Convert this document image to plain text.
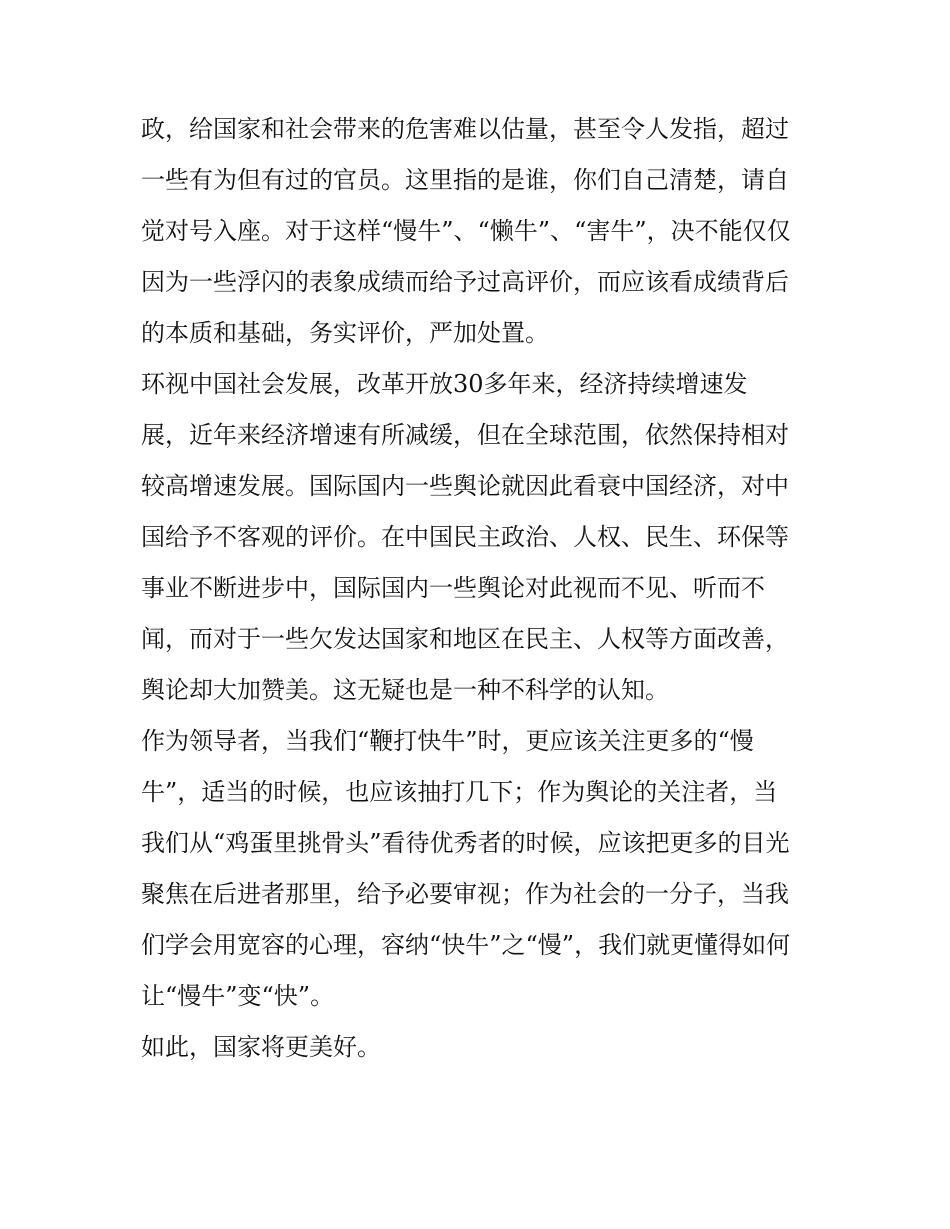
政，给国家和社会带来的危害难以估量，甚至令人发指，超过

一些有为但有过的官员。这里指的是谁，你们自己清楚，请自

觉对号入座。对于这样“慢牛”、“懒牛”、“害牛”，决不能仅仅

因为一些浮闪的表象成绩而给予过高评价，而应该看成绩背后

的本质和基础，务实评价，严加处置。

环视中国社会发展，改革开放30多年来，经济持续增速发

展，近年来经济增速有所减缓，但在全球范围，依然保持相对

较高增速发展。国际国内一些舆论就因此看衰中国经济，对中

国给予不客观的评价。在中国民主政治、人权、民生、环保等

事业不断进步中，国际国内一些舆论对此视而不见、听而不

闻，而对于一些欠发达国家和地区在民主、人权等方面改善，

舆论却大加赞美。这无疑也是一种不科学的认知。

作为领导者，当我们“鞭打快牛”时，更应该关注更多的“慢

牛”，适当的时候，也应该抽打几下；作为舆论的关注者，当

我们从“鸡蛋里挑骨头”看待优秀者的时候，应该把更多的目光

聚焦在后进者那里，给予必要审视；作为社会的一分子，当我

们学会用宽容的心理，容纳“快牛”之“慢”，我们就更懂得如何

让“慢牛”变“快”。

如此，国家将更美好。
